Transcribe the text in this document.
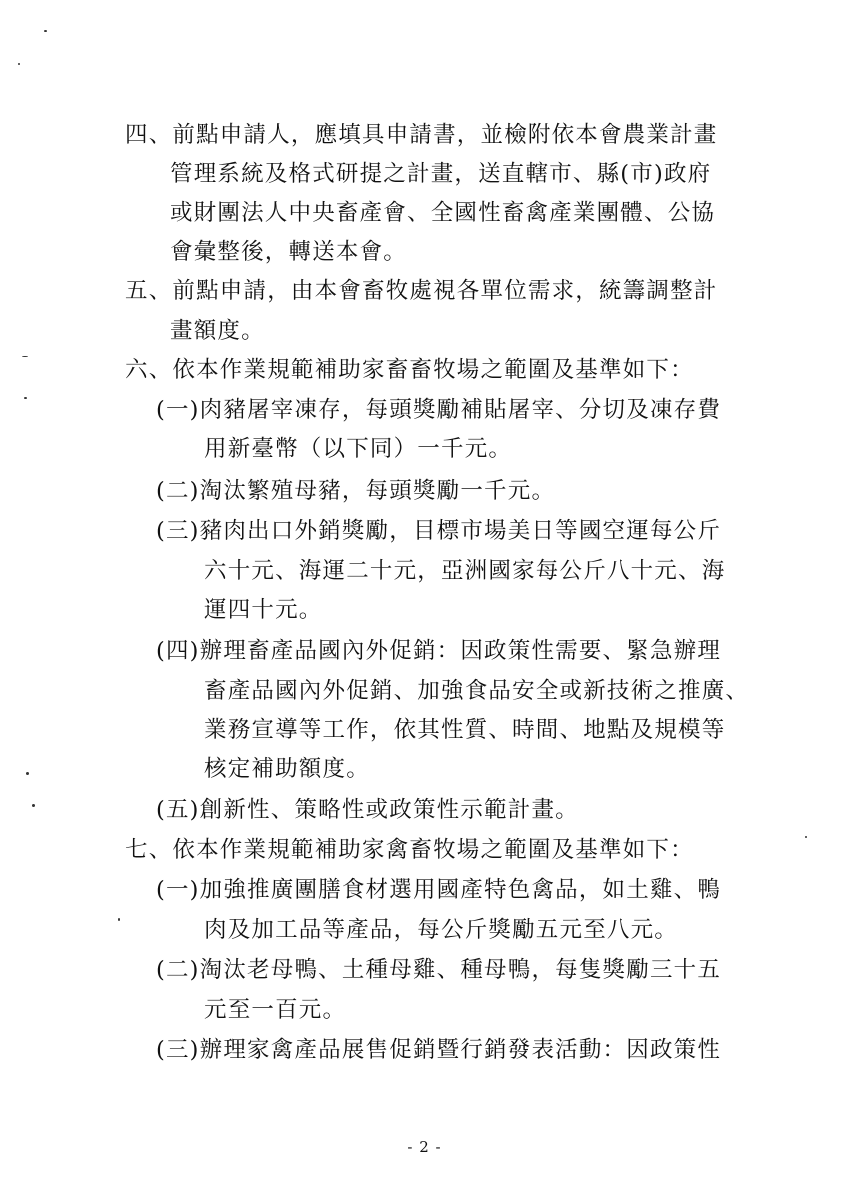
四、前點申請人，應填具申請書，並檢附依本會農業計畫
管理系統及格式研提之計畫，送直轄市、縣(市)政府
或財團法人中央畜產會、全國性畜禽產業團體、公協
會彙整後，轉送本會。
五、前點申請，由本會畜牧處視各單位需求，統籌調整計
畫額度。
六、依本作業規範補助家畜畜牧場之範圍及基準如下：
(一)肉豬屠宰凍存，每頭獎勵補貼屠宰、分切及凍存費
用新臺幣（以下同）一千元。
(二)淘汰繁殖母豬，每頭獎勵一千元。
(三)豬肉出口外銷獎勵，目標市場美日等國空運每公斤
六十元、海運二十元，亞洲國家每公斤八十元、海
運四十元。
(四)辦理畜產品國內外促銷：因政策性需要、緊急辦理
畜產品國內外促銷、加強食品安全或新技術之推廣、
業務宣導等工作，依其性質、時間、地點及規模等
核定補助額度。
(五)創新性、策略性或政策性示範計畫。
七、依本作業規範補助家禽畜牧場之範圍及基準如下：
(一)加強推廣團膳食材選用國產特色禽品，如土雞、鴨
肉及加工品等產品，每公斤獎勵五元至八元。
(二)淘汰老母鴨、土種母雞、種母鴨，每隻獎勵三十五
元至一百元。
(三)辦理家禽產品展售促銷暨行銷發表活動：因政策性
- 2 -
